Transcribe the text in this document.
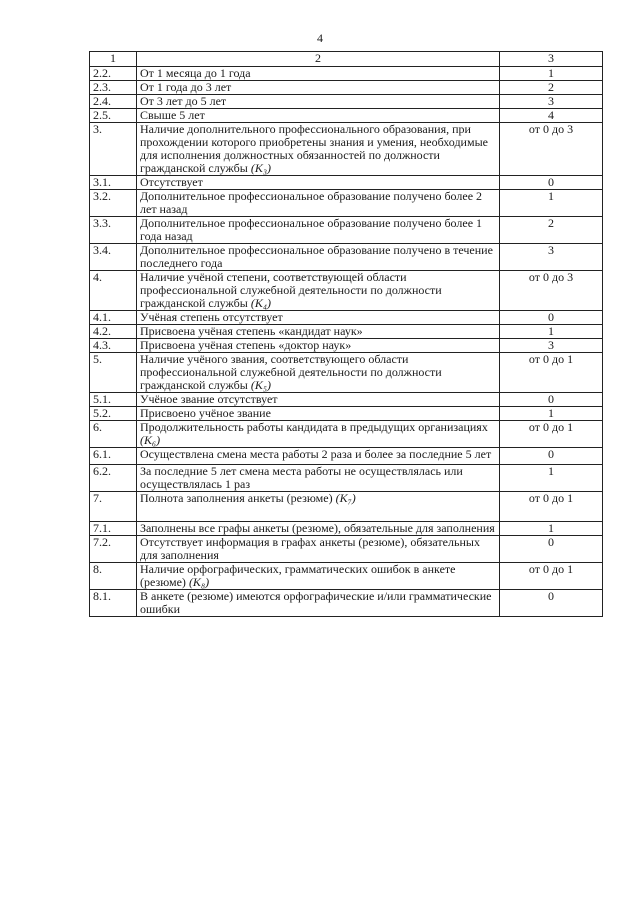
4
1	2	3
2.2.	От 1 месяца до 1 года	1
2.3.	От 1 года до 3 лет	2
2.4.	От 3 лет до 5 лет	3
2.5.	Свыше 5 лет	4
3.	Наличие дополнительного профессионального образования, при прохождении которого приобретены знания и умения, необходимые для исполнения должностных обязанностей по должности гражданской службы (K₃)	от 0 до 3
3.1.	Отсутствует	0
3.2.	Дополнительное профессиональное образование получено более 2 лет назад	1
3.3.	Дополнительное профессиональное образование получено более 1 года назад	2
3.4.	Дополнительное профессиональное образование получено в течение последнего года	3
4.	Наличие учёной степени, соответствующей области профессиональной служебной деятельности по должности гражданской службы (K₄)	от 0 до 3
4.1.	Учёная степень отсутствует	0
4.2.	Присвоена учёная степень «кандидат наук»	1
4.3.	Присвоена учёная степень «доктор наук»	3
5.	Наличие учёного звания, соответствующего области профессиональной служебной деятельности по должности гражданской службы (K₅)	от 0 до 1
5.1.	Учёное звание отсутствует	0
5.2.	Присвоено учёное звание	1
6.	Продолжительность работы кандидата в предыдущих организациях (K₆)	от 0 до 1
6.1.	Осуществлена смена места работы 2 раза и более за последние 5 лет	0
6.2.	За последние 5 лет смена места работы не осуществлялась или осуществлялась 1 раз	1
7.	Полнота заполнения анкеты (резюме) (K₇)	от 0 до 1
7.1.	Заполнены все графы анкеты (резюме), обязательные для заполнения	1
7.2.	Отсутствует информация в графах анкеты (резюме), обязательных для заполнения	0
8.	Наличие орфографических, грамматических ошибок в анкете (резюме) (K₈)	от 0 до 1
8.1.	В анкете (резюме) имеются орфографические и/или грамматические ошибки	0
